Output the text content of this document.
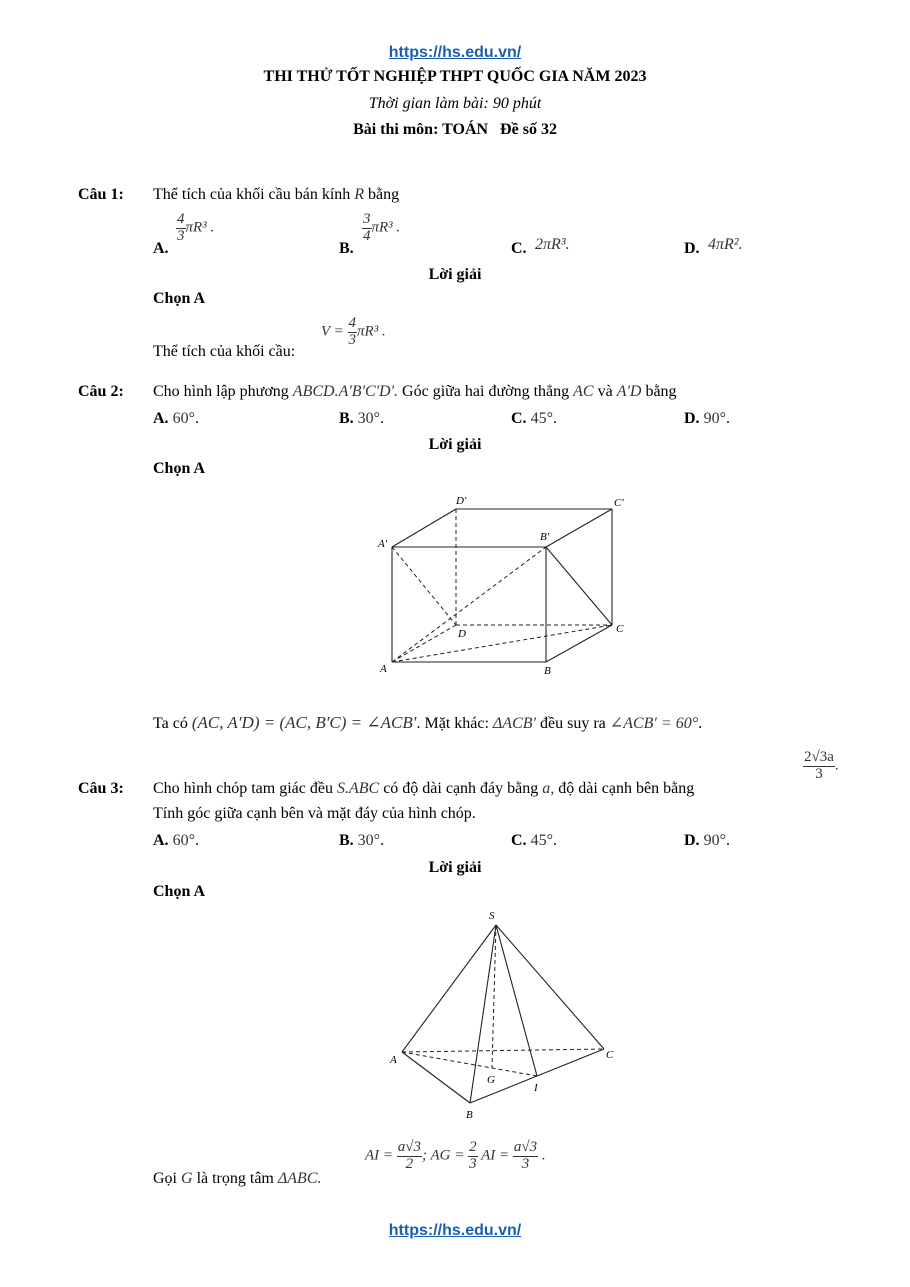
https://hs.edu.vn/
THI THỬ TỐT NGHIỆP THPT QUỐC GIA NĂM 2023
Thời gian làm bài: 90 phút
Bài thi môn: TOÁN   Đề số 32
Câu 1: Thể tích của khối cầu bán kính R bằng
A.
$\frac{4}{3} \pi R^3$ .
B.
$\frac{3}{4} \pi R^3$ .
C. 2πR³.	D. 4πR².
Lời giải
Chọn A
Thể tích của khối cầu:
$V = \frac{4}{3} \pi R^3$ .
Câu 2: Cho hình lập phương ABCD.A'B'C'D'. Góc giữa hai đường thẳng AC và A'D bằng
A. 60°.	B. 30°.	C. 45°.	D. 90°.
Lời giải
Chọn A
D′	C′
A′
B′
D	C
A	B
Ta có (AC, A′D) = (AC, B′C) = ∠ACB′. Mặt khác: ΔACB′ đều suy ra ∠ACB′ = 60°.
Câu 3: Cho hình chóp tam giác đều S.ABC có độ dài cạnh đáy bằng a, độ dài cạnh bên bằng
$\frac{2√3a}{3}$ .
Tính góc giữa cạnh bên và mặt đáy của hình chóp.
A. 60°.	B. 30°.	C. 45°.	D. 90°.
Lời giải
Chọn A
S
A	C
G
I
B
Gọi G là trọng tâm ΔABC.
AI = $\frac{a√3}{2}$ ; AG = $\frac{2}{3}$ AI = $\frac{a√3}{3}$ .
https://hs.edu.vn/
